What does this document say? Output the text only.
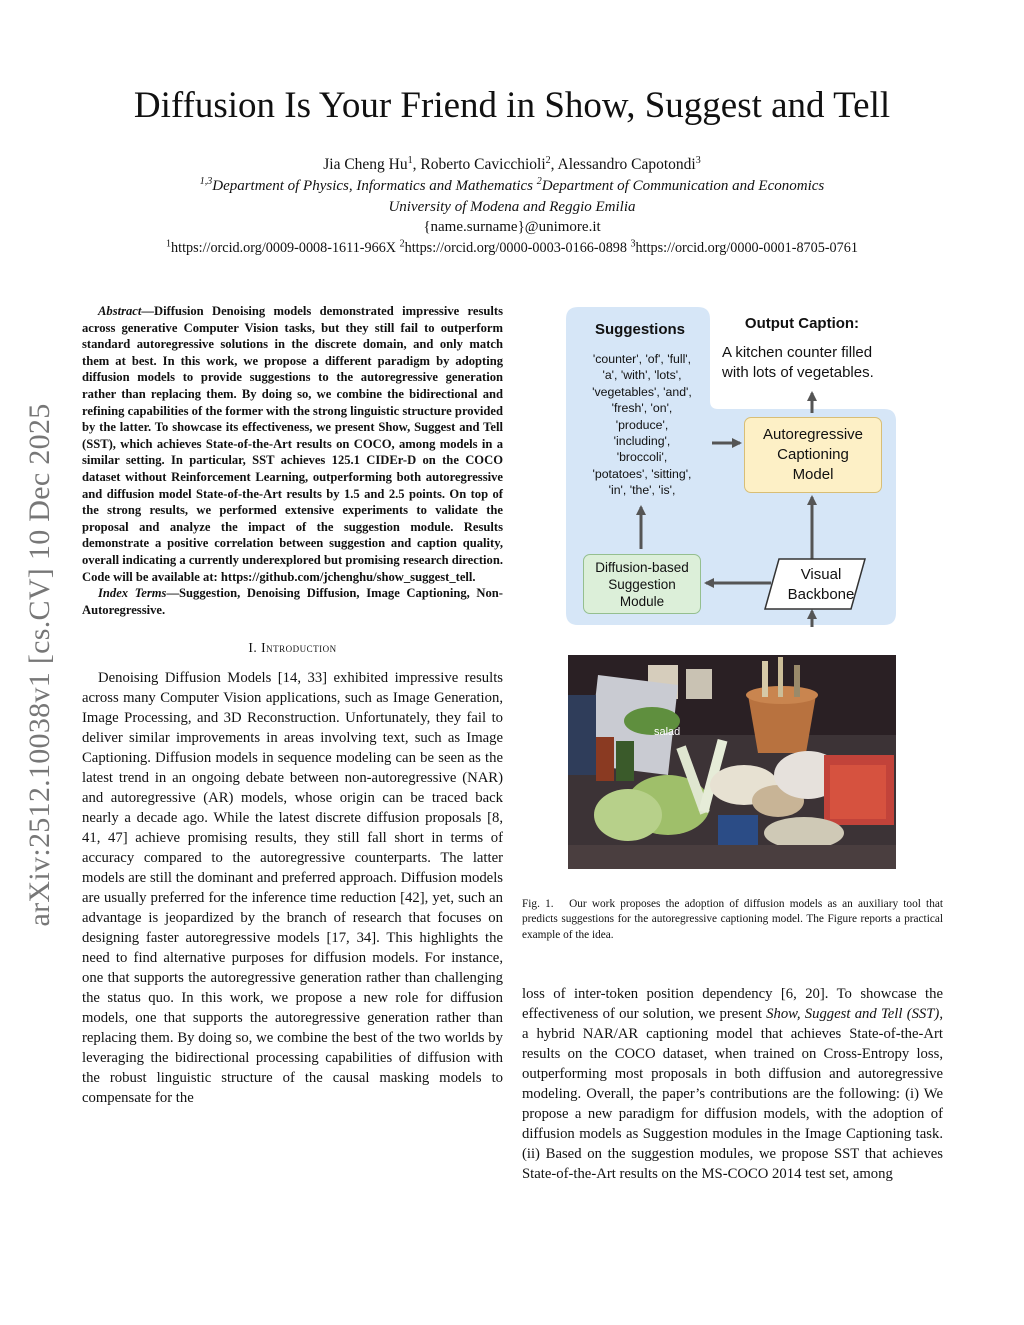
arXiv:2512.10038v1 [cs.CV] 10 Dec 2025
Diffusion Is Your Friend in Show, Suggest and Tell
Jia Cheng Hu$^1$, Roberto Cavicchioli$^2$, Alessandro Capotondi$^3$
$^{1,3}$Department of Physics, Informatics and Mathematics $^2$Department of Communication and Economics
University of Modena and Reggio Emilia
{name.surname}@unimore.it
$^1$https://orcid.org/0009-0008-1611-966X $^2$https://orcid.org/0000-0003-0166-0898 $^3$https://orcid.org/0000-0001-8705-0761

Abstract—Diffusion Denoising models demonstrated impressive results across generative Computer Vision tasks, but they still fail to outperform standard autoregressive solutions in the discrete domain, and only match them at best. In this work, we propose a different paradigm by adopting diffusion models to provide suggestions to the autoregressive generation rather than replacing them. By doing so, we combine the bidirectional and refining capabilities of the former with the strong linguistic structure provided by the latter. To showcase its effectiveness, we present Show, Suggest and Tell (SST), which achieves State-of-the-Art results on COCO, among models in a similar setting. In particular, SST achieves 125.1 CIDEr-D on the COCO dataset without Reinforcement Learning, outperforming both autoregressive and diffusion model State-of-the-Art results by 1.5 and 2.5 points. On top of the strong results, we performed extensive experiments to validate the proposal and analyze the impact of the suggestion module. Results demonstrate a positive correlation between suggestion and caption quality, overall indicating a currently underexplored but promising research direction. Code will be available at: https://github.com/jchenghu/show_suggest_tell.

Index Terms—Suggestion, Denoising Diffusion, Image Captioning, Non-Autoregressive.

I. Introduction

Denoising Diffusion Models [14, 33] exhibited impressive results across many Computer Vision applications, such as Image Generation, Image Processing, and 3D Reconstruction. Unfortunately, they fail to deliver similar improvements in areas involving text, such as Image Captioning. Diffusion models in sequence modeling can be seen as the latest trend in an ongoing debate between non-autoregressive (NAR) and autoregressive (AR) models, whose origin can be traced back nearly a decade ago. While the latest discrete diffusion proposals [8, 41, 47] achieve promising results, they still fall short in terms of accuracy compared to the autoregressive counterparts. The latter models are still the dominant and preferred approach. Diffusion models are usually preferred for the inference time reduction [42], yet, such an advantage is jeopardized by the branch of research that focuses on designing faster autoregressive models [17, 34]. This highlights the need to find alternative purposes for diffusion models. For instance, one that supports the autoregressive generation rather than challenging the status quo. In this work, we propose a new role for diffusion models, one that supports the autoregressive generation rather than replacing them. By doing so, we combine the best of the two worlds by leveraging the bidirectional processing capabilities of diffusion with the robust linguistic structure of the causal masking models to compensate for the

Suggestions
'counter', 'of', 'full',
'a', 'with', 'lots',
'vegetables', 'and',
'fresh', 'on',
'produce',
'including',
'broccoli',
'potatoes', 'sitting',
'in', 'the', 'is',
Output Caption:
A kitchen counter filled with lots of vegetables.
Autoregressive Captioning Model
Diffusion-based Suggestion Module
Visual Backbone
salad

Fig. 1. Our work proposes the adoption of diffusion models as an auxiliary tool that predicts suggestions for the autoregressive captioning model. The Figure reports a practical example of the idea.

loss of inter-token position dependency [6, 20]. To showcase the effectiveness of our solution, we present Show, Suggest and Tell (SST), a hybrid NAR/AR captioning model that achieves State-of-the-Art results on the COCO dataset, when trained on Cross-Entropy loss, outperforming most proposals in both diffusion and autoregressive modeling. Overall, the paper’s contributions are the following: (i) We propose a new paradigm for diffusion models, with the adoption of diffusion models as Suggestion modules in the Image Captioning task. (ii) Based on the suggestion modules, we propose SST that achieves State-of-the-Art results on the MS-COCO 2014 test set, among
